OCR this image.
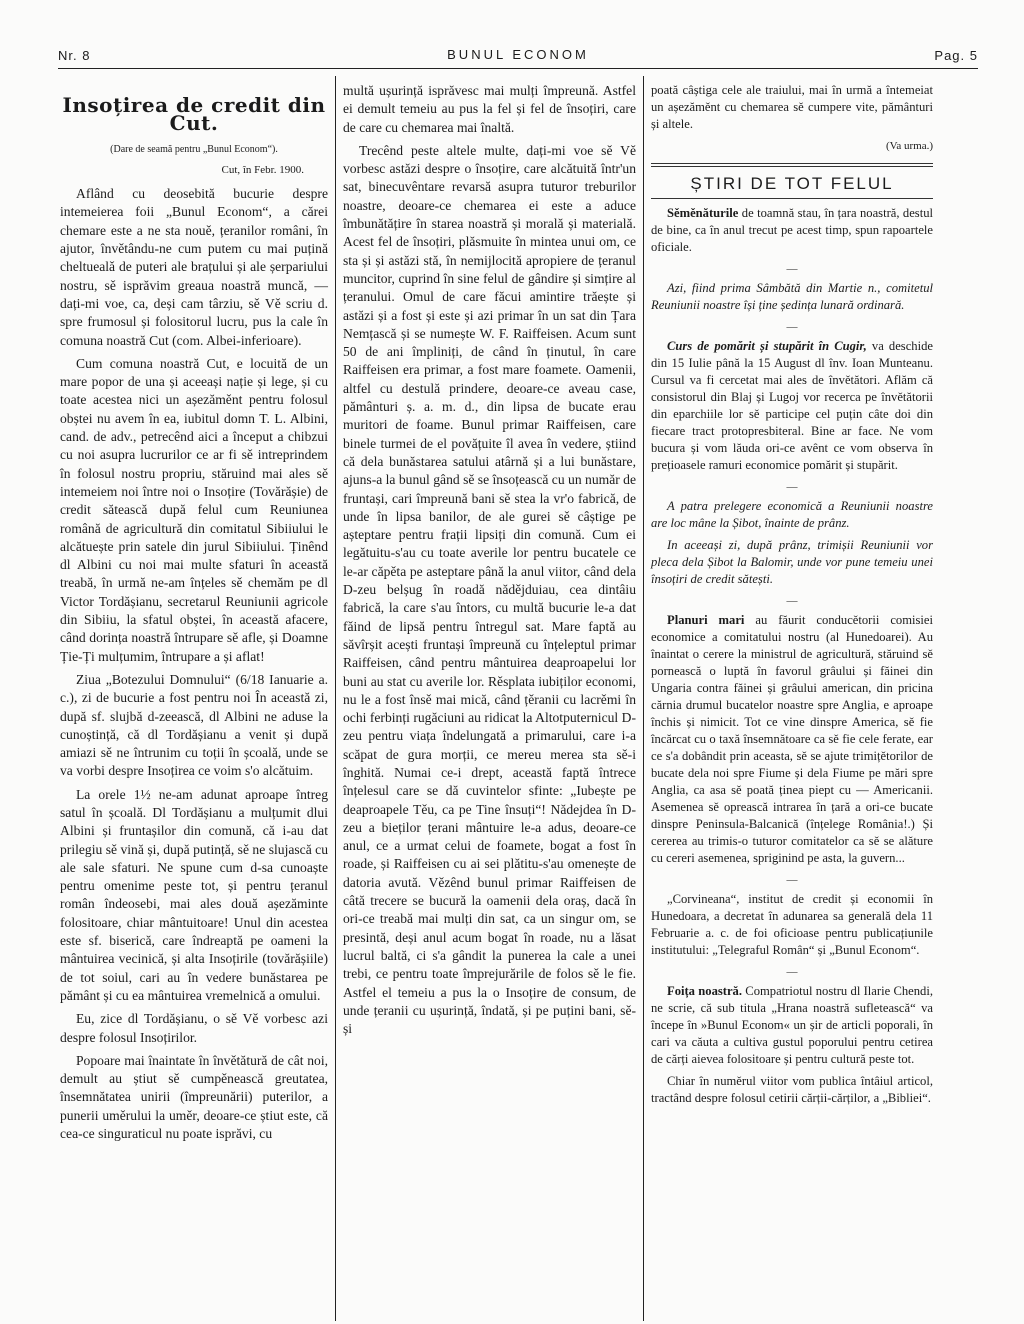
Nr. 8	BUNUL ECONOM	Pag. 5
Insoțirea de credit din Cut.
(Dare de seamă pentru „Bunul Econom“).
Cut, în Febr. 1900.

Aflând cu deosebită bucurie despre intemeierea foii „Bunul Econom“, a cărei chemare este a ne sta nouě, țeranilor români, în ajutor, învětându-ne cum putem cu mai puțină cheltuealǎ de puteri ale brațului și ale șerpariului nostru, sě isprăvim greaua noastră muncă, — dați-mi voe, ca, deși cam târziu, sě Vě scriu d. spre frumosul și folositorul lucru, pus la cale în comuna noastră Cut (com. Albei-inferioare).

Cum comuna noastră Cut, e locuită de un mare popor de una și aceeași nație și lege, și cu toate acestea nici un așezăměnt pentru folosul obștei nu avem în ea, iubitul domn T. L. Albini, cand. de adv., petrecênd aici a început a chibzui cu noi asupra lucrurilor ce ar fi sě intreprindem în folosul nostru propriu, stăruind mai ales sě intemeiem noi între noi o Insoțire (Tovărășie) de credit sătească după felul cum Reuniunea română de agricultură din comitatul Sibiiului le alcătuește prin satele din jurul Sibiiului. Ținênd dl Albini cu noi mai multe sfaturi în această treabă, în urmă ne-am înțeles sě chemăm pe dl Victor Tordășianu, secretarul Reuniunii agricole din Sibiiu, la sfatul obștei, în această afacere, când dorința noastră întrupare sě afle, și Doamne Ție-Ți mulțumim, întrupare a și aflat!

Ziua „Botezului Domnului“ (6/18 Ianuarie a. c.), zi de bucurie a fost pentru noi În această zi, după sf. slujbă d-zeească, dl Albini ne aduse la cunoștință, că dl Tordășianu a venit și după amiazi sě ne întrunim cu toții în școală, unde se va vorbi despre Insoțirea ce voim s'o alcătuim.

La orele 1½ ne-am adunat aproape întreg satul în școală. Dl Tordășianu a mulțumit dlui Albini și fruntașilor din comună, că i-au dat prilegiu sě vină și, după putință, sě ne slujască cu ale sale sfaturi. Ne spune cum d-sa cunoaște pentru omenime peste tot, și pentru țeranul român îndeosebi, mai ales două așezăminte folositoare, chiar mântuitoare! Unul din acestea este sf. biserică, care îndreaptă pe oameni la mântuirea vecinică, și alta Insoțirile (tovărășiile) de tot soiul, cari au în vedere bunăstarea pe pământ și cu ea mântuirea vremelnică a omului.

Eu, zice dl Tordășianu, o sě Vě vorbesc azi despre folosul Insoțirilor.

Popoare mai înaintate în învětătură de cât noi, demult au știut sě cumpěnească greutatea, însemnătatea unirii (împreunării) puterilor, a punerii uměrului la uměr, deoare-ce știut este, că cea-ce singuraticul nu poate isprăvi, cu

multă ușurință isprăvesc mai mulți împreună. Astfel ei demult temeiu au pus la fel și fel de însoțiri, care de care cu chemarea mai înaltă.

Trecênd peste altele multe, dați-mi voe sě Vě vorbesc astăzi despre o însoțire, care alcătuită într'un sat, binecuvêntare revarsă asupra tuturor treburilor noastre, deoare-ce chemarea ei este a aduce îmbunătățire în starea noastră și morală și materială. Acest fel de însoțiri, plăsmuite în mintea unui om, ce sta și și astăzi stă, în nemijlocită apropiere de țeranul muncitor, cuprind în sine felul de gândire și simțire al țeranului. Omul de care făcui amintire trăește și astăzi și a fost și este și azi primar în un sat din Țara Nemțască și se numește W. F. Raiffeisen. Acum sunt 50 de ani împliniți, de când în ținutul, în care Raiffeisen era primar, a fost mare foamete. Oamenii, altfel cu destulă prindere, deoare-ce aveau case, pământuri ș. a. m. d., din lipsa de bucate erau muritori de foame. Bunul primar Raiffeisen, care binele turmei de el povățuite îl avea în vedere, știind că dela bunăstarea satului atârnă și a lui bunăstare, ajuns-a la bunul gând sě se însoțească cu un număr de fruntași, cari împreună bani sě stea la vr'o fabrică, de unde în lipsa banilor, de ale gurei sě câștige pe așteptare pentru frații lipsiți din comună. Cum ei legătuitu-s'au cu toate averile lor pentru bucatele ce le-ar căpěta pe asteptare până la anul viitor, când dela D-zeu belșug în roadă nădějduiau, cea dintâiu fabrică, la care s'au întors, cu multă bucurie le-a dat fǎind de lipsă pentru întregul sat. Mare faptă au săvîrșit acești fruntași împreună cu înțeleptul primar Raiffeisen, când pentru mântuirea deaproapelui lor buni au stat cu averile lor. Rěsplata iubiților economi, nu le a fost însě mai mică, când țěranii cu lacrěmi în ochi ferbinți rugăciuni au ridicat la Altotputernicul D-zeu pentru viața îndelungată a primarului, care i-a scăpat de gura morții, ce mereu merea sta sě-i înghită. Numai ce-i drept, această faptă întrece înțelesul care se dă cuvintelor sfinte: „Iubește pe deaproapele Těu, ca pe Tine însuți“! Nădejdea în D-zeu a bieților țerani mântuire le-a adus, deoare-ce anul, ce a urmat celui de foamete, bogat a fost în roade, și Raiffeisen cu ai sei plătitu-s'au omenește de datoria avută. Vězênd bunul primar Raiffeisen de câtă trecere se bucură la oamenii dela oraș, dacă în ori-ce treabă mai mulți din sat, ca un singur om, se presintă, deși anul acum bogat în roade, nu a lăsat lucrul baltă, ci s'a gândit la punerea la cale a unei trebi, ce pentru toate împrejurările de folos sě le fie. Astfel el temeiu a pus la o Insoțire de consum, de unde țeranii cu ușurință, îndată, și pe puțini bani, sě-și

poată câștiga cele ale traiului, mai în urmă a întemeiat un așezăměnt cu chemarea sě cumpere vite, pământuri și altele.

(Va urma.)
ȘTIRI DE TOT FELUL

Sěměnăturile de toamnă stau, în țara noastră, destul de bine, ca în anul trecut pe acest timp, spun rapoartele oficiale.

—

Azi, fiind prima Sâmbătă din Martie n., comitetul Reuniunii noastre își ține ședința lunară ordinară.

—

Curs de pomărit și stupărit în Cugir, va deschide din 15 Iulie până la 15 August dl înv. Ioan Munteanu. Cursul va fi cercetat mai ales de învětători. Aflăm că consistorul din Blaj și Lugoj vor recerca pe învětătorii din eparchiile lor sě participe cel puțin câte doi din fiecare tract protopresbiteral. Bine ar face. Ne vom bucura și vom lăuda ori-ce avênt ce vom observa în prețioasele ramuri economice pomărit și stupărit.

—

A patra prelegere economică a Reuniunii noastre are loc mâne la Șibot, înainte de prânz.

In aceeași zi, după prânz, trimișii Reuniunii vor pleca dela Șibot la Balomir, unde vor pune temeiu unei însoțiri de credit sătești.

—

Planuri mari au făurit conducětorii comisiei economice a comitatului nostru (al Hunedoarei). Au înaintat o cerere la ministrul de agricultură, stăruind sě pornească o luptă în favorul grâului și făinei din Ungaria contra făinei și grâului american, din pricina cărnia drumul bucatelor noastre spre Anglia, e aproape închis și nimicit. Tot ce vine dinspre America, sě fie încărcat cu o taxă însemnătoare ca sě fie cele ferate, ear ce s'a dobândit prin aceasta, sě se ajute trimițětorilor de bucate dela noi spre Fiume și dela Fiume pe mări spre Anglia, ca asa sě poată ținea piept cu — Americanii. Asemenea sě oprească intrarea în țară a ori-ce bucate dinspre Peninsula-Balcanică (înțelege România!.) Și cererea au trimis-o tuturor comitatelor ca sě se alăture cu cereri asemenea, spriginind pe asta, la guvern...

—

„Corvineana“, institut de credit și economii în Hunedoara, a decretat în adunarea sa generală dela 11 Februarie a. c. de foi oficioase pentru publicațiunile institutului: „Telegraful Român“ și „Bunul Econom“.

—

Foița noastră. Compatriotul nostru dl Ilarie Chendi, ne scrie, că sub titula „Hrana noastră sufletească“ va începe în »Bunul Econom« un șir de articli poporali, în cari va căuta a cultiva gustul poporului pentru cetirea de cărți aievea folositoare și pentru cultură peste tot.

Chiar în numěrul viitor vom publica întâiul articol, tractând despre folosul cetirii cărții-cărților, a „Bibliei“.
